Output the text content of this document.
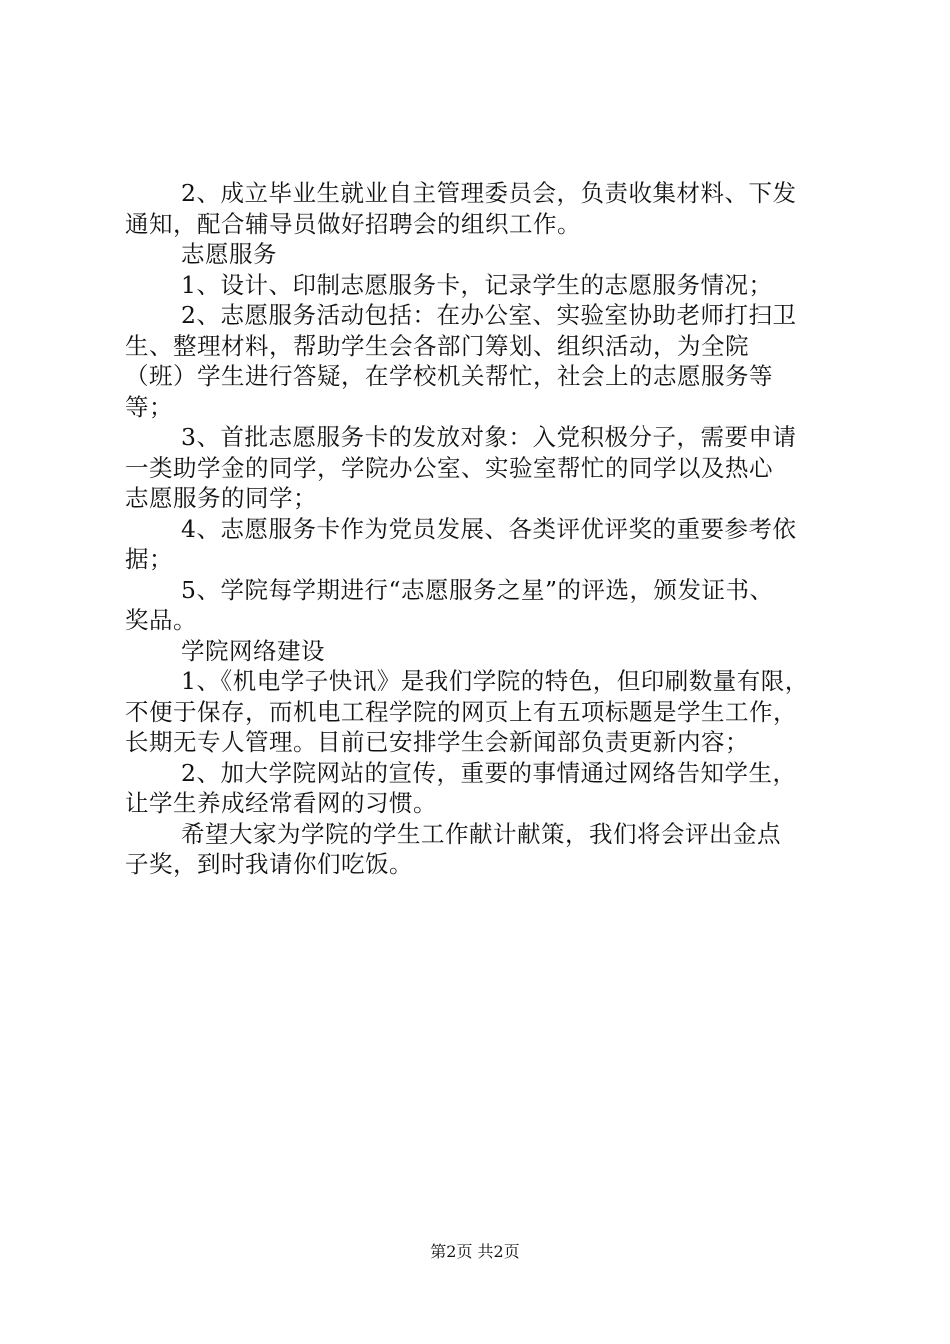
2、成立毕业生就业自主管理委员会，负责收集材料、下发
通知，配合辅导员做好招聘会的组织工作。
志愿服务
1、设计、印制志愿服务卡，记录学生的志愿服务情况；
2、志愿服务活动包括：在办公室、实验室协助老师打扫卫
生、整理材料，帮助学生会各部门筹划、组织活动，为全院
（班）学生进行答疑，在学校机关帮忙，社会上的志愿服务等
等；
3、首批志愿服务卡的发放对象：入党积极分子，需要申请
一类助学金的同学，学院办公室、实验室帮忙的同学以及热心
志愿服务的同学；
4、志愿服务卡作为党员发展、各类评优评奖的重要参考依
据；
5、学院每学期进行“志愿服务之星”的评选，颁发证书、
奖品。
学院网络建设
1、《机电学子快讯》是我们学院的特色，但印刷数量有限，
不便于保存，而机电工程学院的网页上有五项标题是学生工作，
长期无专人管理。目前已安排学生会新闻部负责更新内容；
2、加大学院网站的宣传，重要的事情通过网络告知学生，
让学生养成经常看网的习惯。
希望大家为学院的学生工作献计献策，我们将会评出金点
子奖，到时我请你们吃饭。
第2页 共2页
